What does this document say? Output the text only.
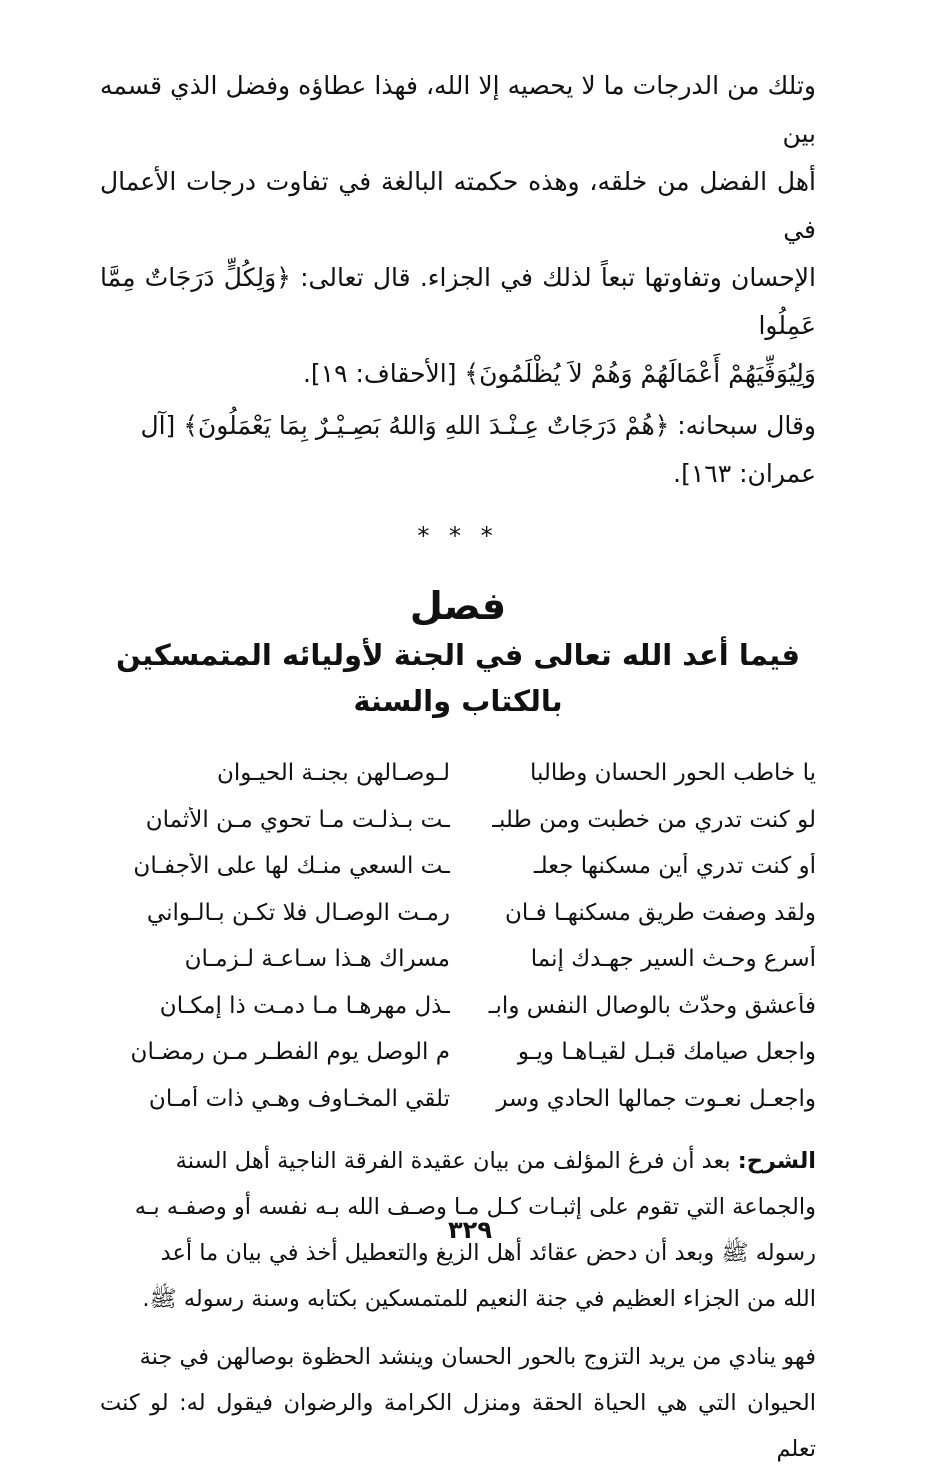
وتلك من الدرجات ما لا يحصيه إلا الله، فهذا عطاؤه وفضل الذي قسمه بين

أهل الفضل من خلقه، وهذه حكمته البالغة في تفاوت درجات الأعمال في

الإحسان وتفاوتها تبعاً لذلك في الجزاء. قال تعالى: ﴿وَلِكُلٍّ دَرَجَاتٌ مِمَّا عَمِلُوا

وَلِيُوَفِّيَهُمْ أَعْمَالَهُمْ وَهُمْ لاَ يُظْلَمُونَ﴾ [الأحقاف: ١٩].

وقال سبحانه: ﴿هُمْ دَرَجَاتٌ عِـنْـدَ اللهِ وَاللهُ بَصِـيْـرٌ بِمَا يَعْمَلُونَ﴾ [آل

عمران: ١٦٣].

* * *
فصل
فيما أعد الله تعالى في الجنة لأوليائه المتمسكين بالكتاب والسنة
يا خاطب الحور الحسان وطالبا
لـوصـالهن بجنـة الحيـوان
لو كنت تدري من خطبت ومن طلبـ
ـت بـذلـت مـا تحوي مـن الأثمان
أو كنت تدري أين مسكنها جعلـ
ـت السعي منـك لها على الأجفـان
ولقد وصفت طريق مسكنهـا فـان
رمـت الوصـال فلا تكـن بـالـواني
أسرع وحـث السير جهـدك إنما
مسراك هـذا سـاعـة لـزمـان
فأعشق وحدّث بالوصال النفس وابـ
ـذل مهرهـا مـا دمـت ذا إمكـان
واجعل صيامك قبـل لقيـاهـا ويـو
م الوصل يوم الفطـر مـن رمضـان
واجعـل نعـوت جمالها الحادي وسر
تلقي المخـاوف وهـي ذات أمـان

الشرح: بعد أن فرغ المؤلف من بيان عقيدة الفرقة الناجية أهل السنة

والجماعة التي تقوم على إثبـات كـل مـا وصـف الله بـه نفسه أو وصفـه بـه

رسوله ﷺ وبعد أن دحض عقائد أهل الزيغ والتعطيل أخذ في بيان ما أعد

الله من الجزاء العظيم في جنة النعيم للمتمسكين بكتابه وسنة رسوله ﷺ.

فهو ينادي من يريد التزوج بالحور الحسان وينشد الحظوة بوصالهن في جنة

الحيوان التي هي الحياة الحقة ومنزل الكرامة والرضوان فيقول له: لو كنت تعلم

٣٢٩
